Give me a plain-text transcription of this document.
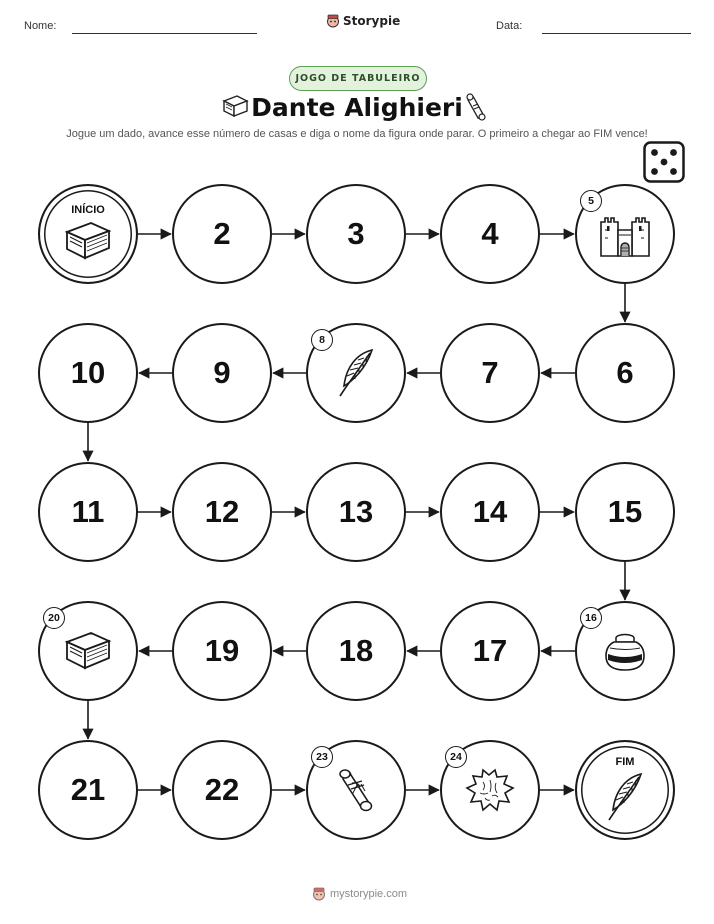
Nome:	Storypie	Data:
JOGO DE TABULEIRO
Dante Alighieri
Jogue um dado, avance esse número de casas e diga o nome da figura onde parar. O primeiro a chegar ao FIM vence!
INÍCIO
2	3	4
5
6
7
8
9
10
11	12	13	14	15
16
17
18
19
20
21	22
23	24	FIM
mystorypie.com
